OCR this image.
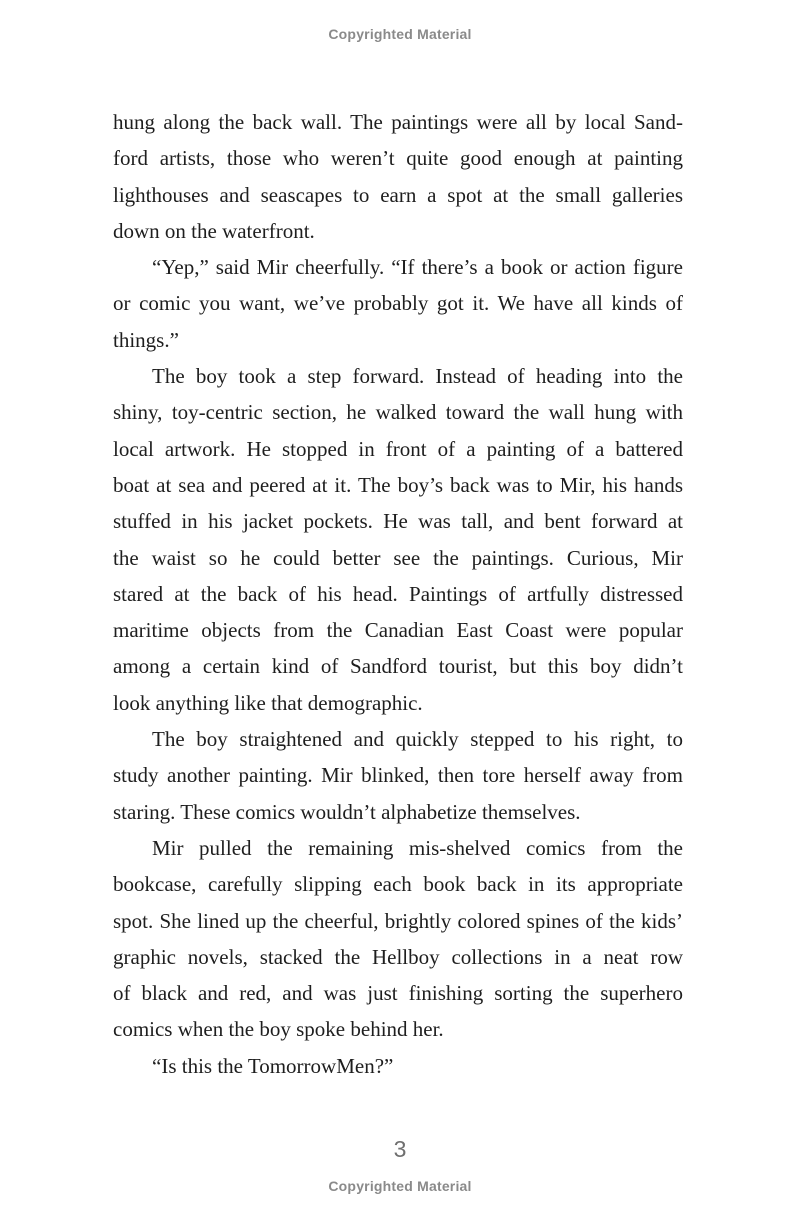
Copyrighted Material
hung along the back wall. The paintings were all by local Sand-
ford artists, those who weren’t quite good enough at painting
lighthouses and seascapes to earn a spot at the small galleries
down on the waterfront.
“Yep,” said Mir cheerfully. “If there’s a book or action figure
or comic you want, we’ve probably got it. We have all kinds of
things.”
The boy took a step forward. Instead of heading into the
shiny, toy-centric section, he walked toward the wall hung with
local artwork. He stopped in front of a painting of a battered
boat at sea and peered at it. The boy’s back was to Mir, his hands
stuffed in his jacket pockets. He was tall, and bent forward at
the waist so he could better see the paintings. Curious, Mir
stared at the back of his head. Paintings of artfully distressed
maritime objects from the Canadian East Coast were popular
among a certain kind of Sandford tourist, but this boy didn’t
look anything like that demographic.
The boy straightened and quickly stepped to his right, to
study another painting. Mir blinked, then tore herself away from
staring. These comics wouldn’t alphabetize themselves.
Mir pulled the remaining mis-shelved comics from the
bookcase, carefully slipping each book back in its appropriate
spot. She lined up the cheerful, brightly colored spines of the kids’
graphic novels, stacked the Hellboy collections in a neat row
of black and red, and was just finishing sorting the superhero
comics when the boy spoke behind her.
“Is this the TomorrowMen?”
3
Copyrighted Material
